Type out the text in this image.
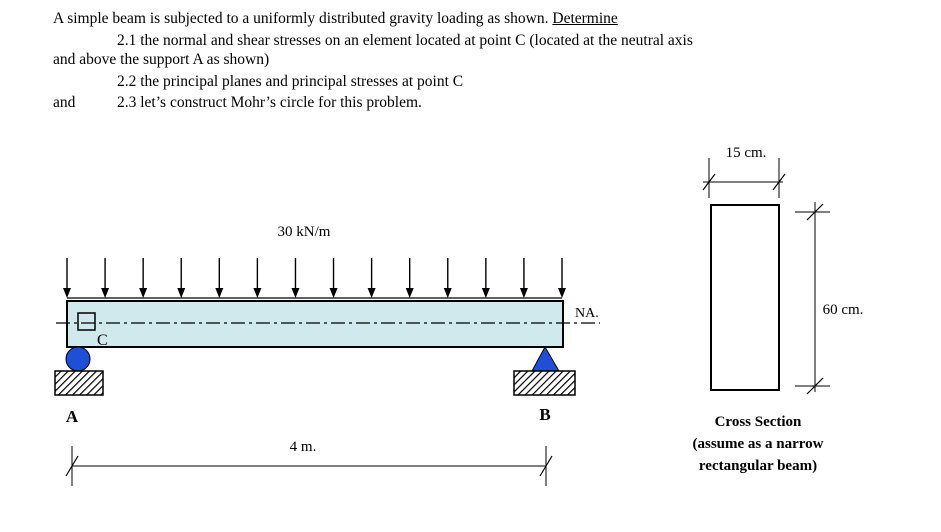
A simple beam is subjected to a uniformly distributed gravity loading as shown. Determine
2.1 the normal and shear stresses on an element located at point C (located at the neutral axis
and above the support A as shown)
2.2 the principal planes and principal stresses at point C
and	2.3 let’s construct Mohr’s circle for this problem.
30 kN/m
NA.
C
A	B
4 m.
15 cm.
60 cm.
Cross Section
(assume as a narrow
rectangular beam)
